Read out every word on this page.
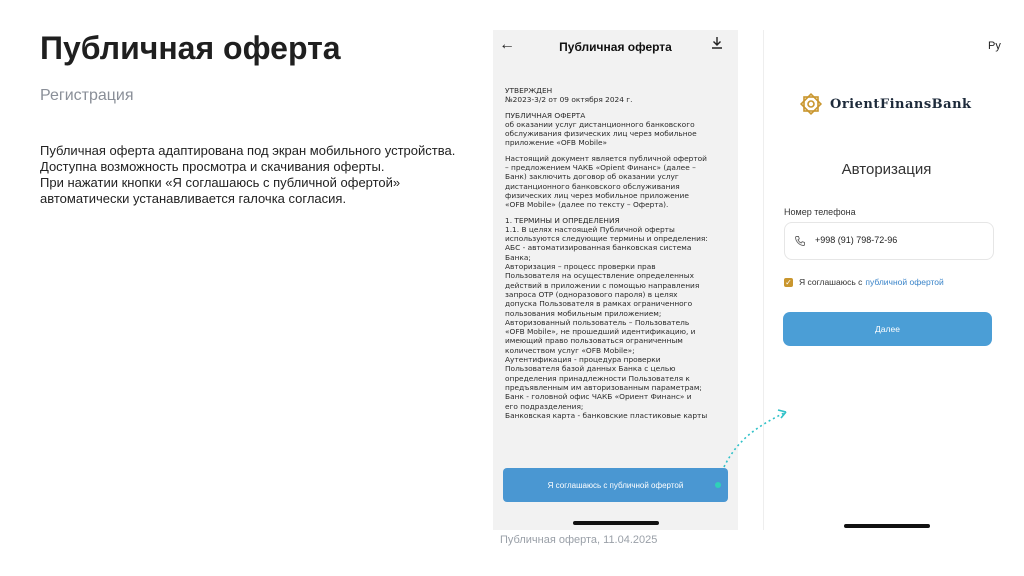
Публичная оферта
Регистрация
Публичная оферта адаптирована под экран мобильного устройства.
Доступна возможность просмотра и скачивания оферты.
При нажатии кнопки «Я соглашаюсь с публичной офертой»
автоматически устанавливается галочка согласия.
←	Публичная оферта

УТВЕРЖДЕН
№2023-3/2 от 09 октября 2024 г.

ПУБЛИЧНАЯ ОФЕРТА
об оказании услуг дистанционного банковского
обслуживания физических лиц через мобильное
приложение «OFB Mobile»

Настоящий документ является публичной офертой
– предложением ЧАКБ «Орient Финанс» (далее –
Банк) заключить договор об оказании услуг
дистанционного банковского обслуживания
физических лиц через мобильное приложение
«OFB Mobile» (далее по тексту – Оферта).

1. ТЕРМИНЫ И ОПРЕДЕЛЕНИЯ
1.1. В целях настоящей Публичной оферты
используются следующие термины и определения:
АБС - автоматизированная банковская система
Банка;
Авторизация – процесс проверки прав
Пользователя на осуществление определенных
действий в приложении с помощью направления
запроса OTP (одноразового пароля) в целях
допуска Пользователя в рамках ограниченного
пользования мобильным приложением;
Авторизованный пользователь – Пользователь
«OFB Mobile», не прошедший идентификацию, и
имеющий право пользоваться ограниченным
количеством услуг «OFB Mobile»;
Аутентификация - процедура проверки
Пользователя базой данных Банка с целью
определения принадлежности Пользователя к
предъявленным им авторизованным параметрам;
Банк - головной офис ЧАКБ «Ориент Финанс» и
его подразделения;
Банковская карта - банковские пластиковые карты

Я соглашаюсь с публичной офертой
Ру
OrientFinansBank
Авторизация
Номер телефона
+998 (91) 798-72-96
✓ Я соглашаюсь с публичной офертой
Далее
Публичная оферта, 11.04.2025
